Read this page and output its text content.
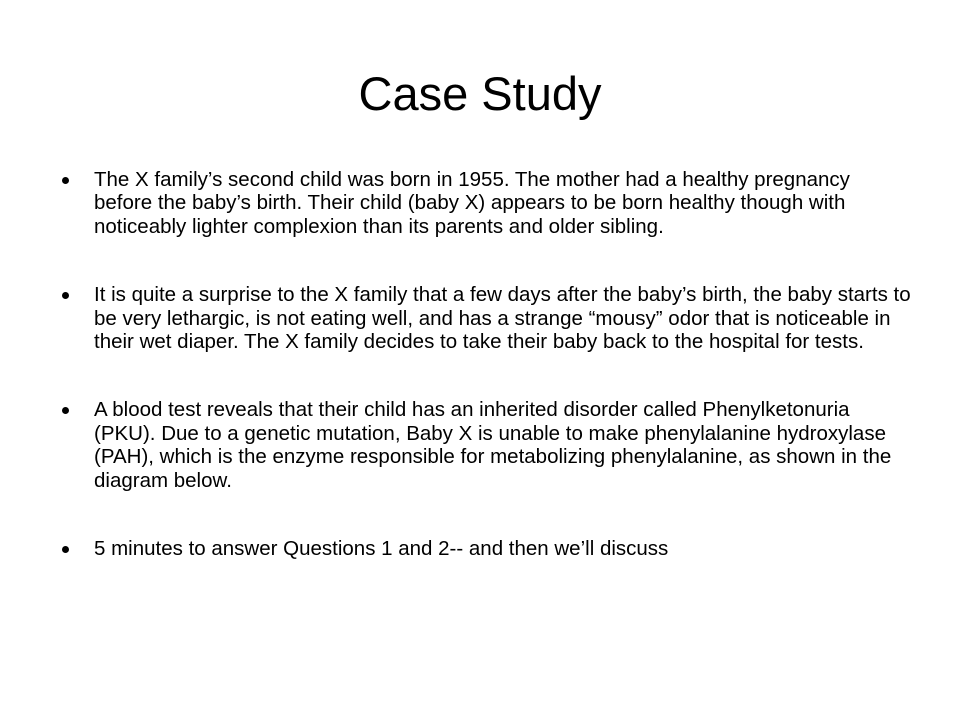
Case Study
The X family’s second child was born in 1955. The mother had a healthy pregnancy before the baby’s birth. Their child (baby X) appears to be born healthy though with noticeably lighter complexion than its parents and older sibling.
It is quite a surprise to the X family that a few days after the baby’s birth, the baby starts to be very lethargic, is not eating well, and has a strange “mousy” odor that is noticeable in their wet diaper. The X family decides to take their baby back to the hospital for tests.
A blood test reveals that their child has an inherited disorder called Phenylketonuria (PKU). Due to a genetic mutation, Baby X is unable to make phenylalanine hydroxylase (PAH), which is the enzyme responsible for metabolizing phenylalanine, as shown in the diagram below.
5 minutes to answer Questions 1 and 2-- and then we’ll discuss
